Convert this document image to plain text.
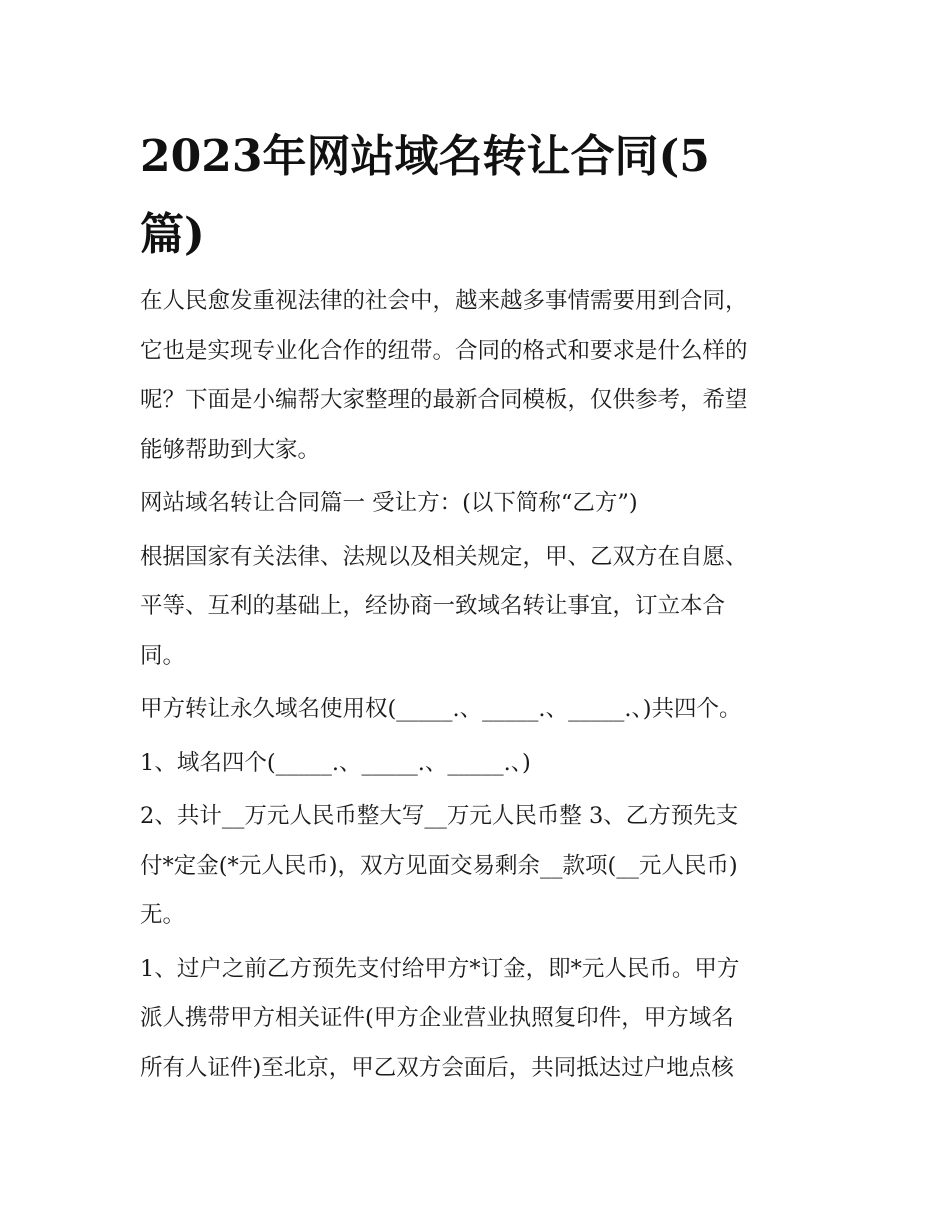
2023年网站域名转让合同(5
篇)

在人民愈发重视法律的社会中，越来越多事情需要用到合同，
它也是实现专业化合作的纽带。合同的格式和要求是什么样的
呢？下面是小编帮大家整理的最新合同模板，仅供参考，希望
能够帮助到大家。

网站域名转让合同篇一 受让方：(以下简称“乙方”)

根据国家有关法律、法规以及相关规定，甲、乙双方在自愿、
平等、互利的基础上，经协商一致域名转让事宜，订立本合
同。

甲方转让永久域名使用权(_____.、_____.、_____.、)共四个。

1、域名四个(_____.、_____.、_____.、)

2、共计__万元人民币整大写__万元人民币整 3、乙方预先支
付*定金(*元人民币)，双方见面交易剩余__款项(__元人民币)
无。

1、过户之前乙方预先支付给甲方*订金，即*元人民币。甲方
派人携带甲方相关证件(甲方企业营业执照复印件，甲方域名
所有人证件)至北京，甲乙双方会面后，共同抵达过户地点核
